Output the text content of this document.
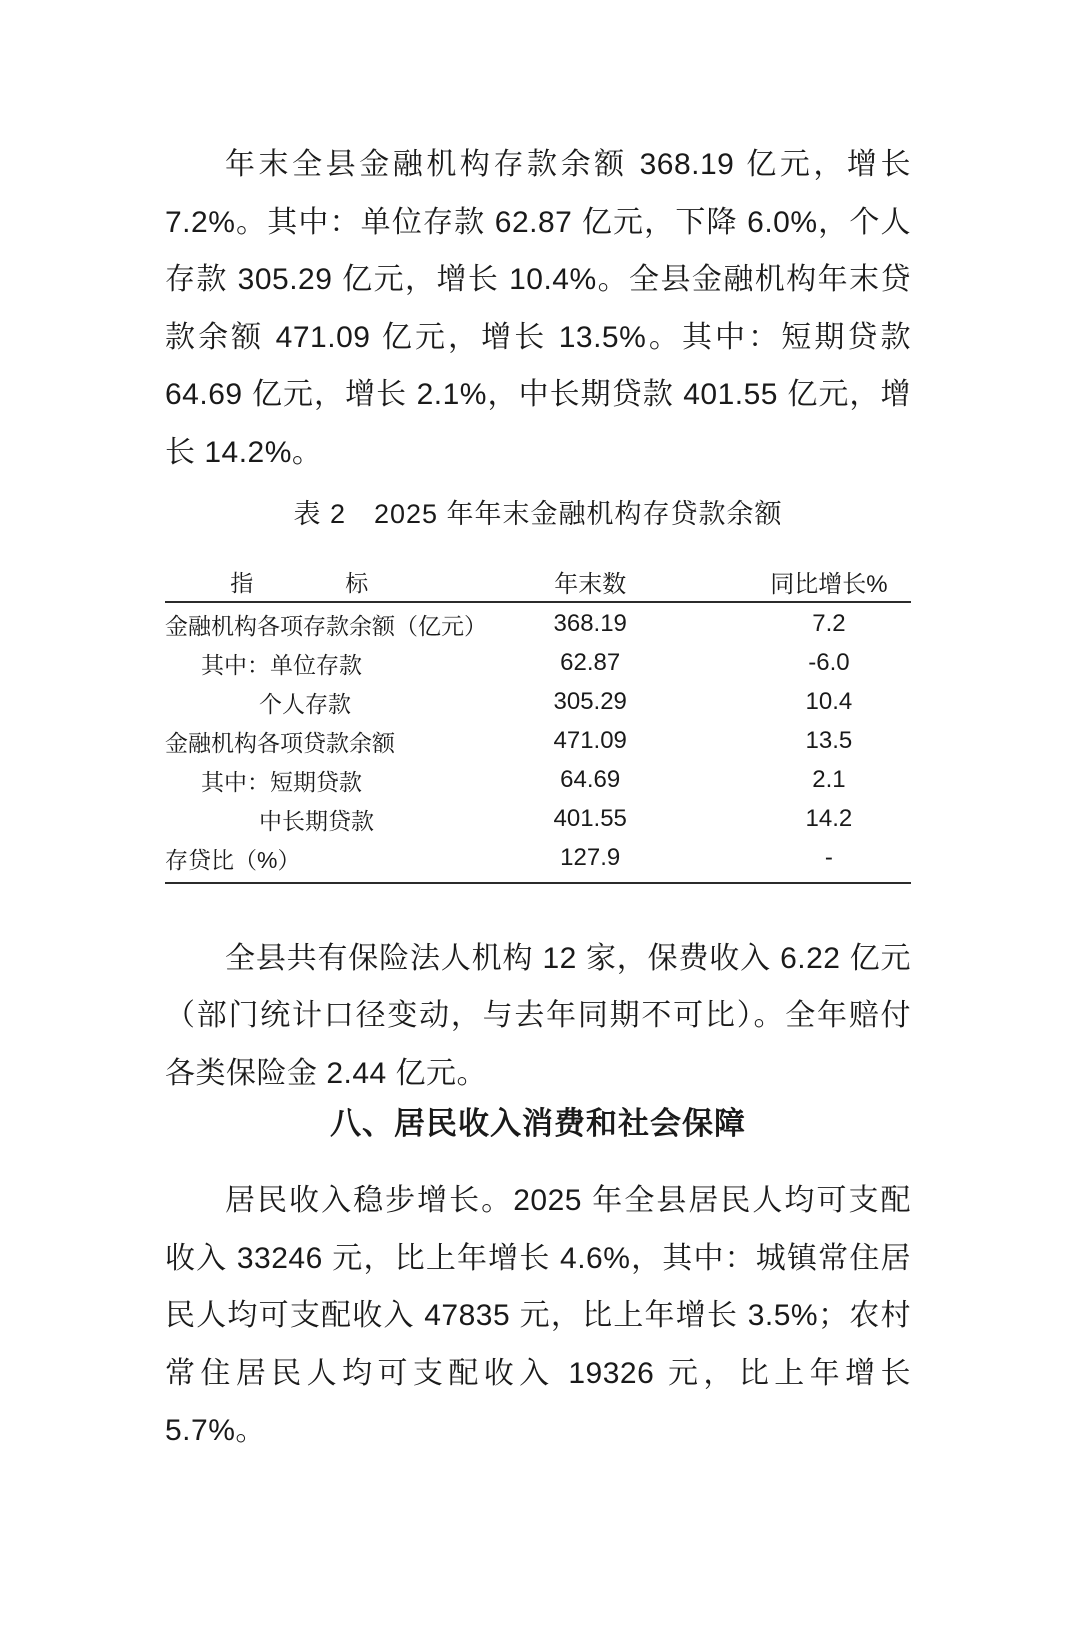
年末全县金融机构存款余额 368.19 亿元，增长 7.2%。其中：单位存款 62.87 亿元，下降 6.0%，个人存款 305.29 亿元，增长 10.4%。全县金融机构年末贷款余额 471.09 亿元，增长 13.5%。其中：短期贷款 64.69 亿元，增长 2.1%，中长期贷款 401.55 亿元，增长 14.2%。

表 2　2025 年年末金融机构存贷款余额
指　　　　标	年末数	同比增长%
金融机构各项存款余额（亿元）	368.19	7.2
其中：单位存款	62.87	-6.0
个人存款	305.29	10.4
金融机构各项贷款余额	471.09	13.5
其中：短期贷款	64.69	2.1
中长期贷款	401.55	14.2
存贷比（%）	127.9	-

全县共有保险法人机构 12 家，保费收入 6.22 亿元（部门统计口径变动，与去年同期不可比）。全年赔付各类保险金 2.44 亿元。

八、居民收入消费和社会保障

居民收入稳步增长。2025 年全县居民人均可支配收入 33246 元，比上年增长 4.6%，其中：城镇常住居民人均可支配收入 47835 元，比上年增长 3.5%；农村常住居民人均可支配收入 19326 元，比上年增长 5.7%。
